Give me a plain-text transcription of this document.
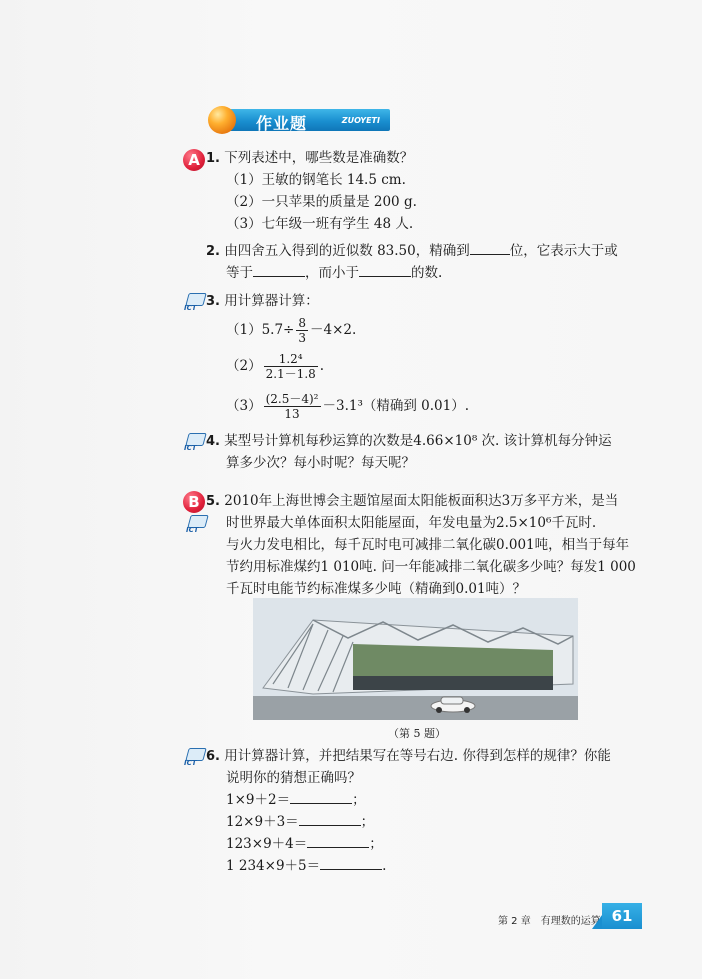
作业题	ZUOYETI
A 1. 下列表述中，哪些数是准确数？
（1）王敏的钢笔长 14.5 cm.
（2）一只苹果的质量是 200 g.
（3）七年级一班有学生 48 人.
2. 由四舍五入得到的近似数 83.50，精确到	位，它表示大于或
等于	，而小于	的数.
ICT 3. 用计算器计算：
$(1)5.7\div \frac{8}{3} -4\times 2$.
$(2) \frac{\text{1.2⁴}}{2.1-1.8}$ .
$(3) \frac{\text{(2.5－4)²}}{13} -3.1^3$（精确到 0.01）.
ICT 4. 某型号计算机每秒运算的次数是4.66×10⁸ 次. 该计算机每分钟运
算多少次？每小时呢？每天呢？
B
ICT
5. 2010年上海世博会主题馆屋面太阳能板面积达3万多平方米，是当
时世界最大单体面积太阳能屋面，年发电量为2.5×10⁶千瓦时.
与火力发电相比，每千瓦时电可减排二氧化碳0.001吨，相当于每年
节约用标准煤约1 010吨. 问一年能减排二氧化碳多少吨？每发1 000
千瓦时电能节约标准煤多少吨（精确到0.01吨）？
（第 5 题）
ICT 6. 用计算器计算，并把结果写在等号右边. 你得到怎样的规律？你能
说明你的猜想正确吗？
1×9＋2＝	；
12×9＋3＝	；
123×9＋4＝	；
1 234×9＋5＝	.
第 2 章　有理数的运算 61
